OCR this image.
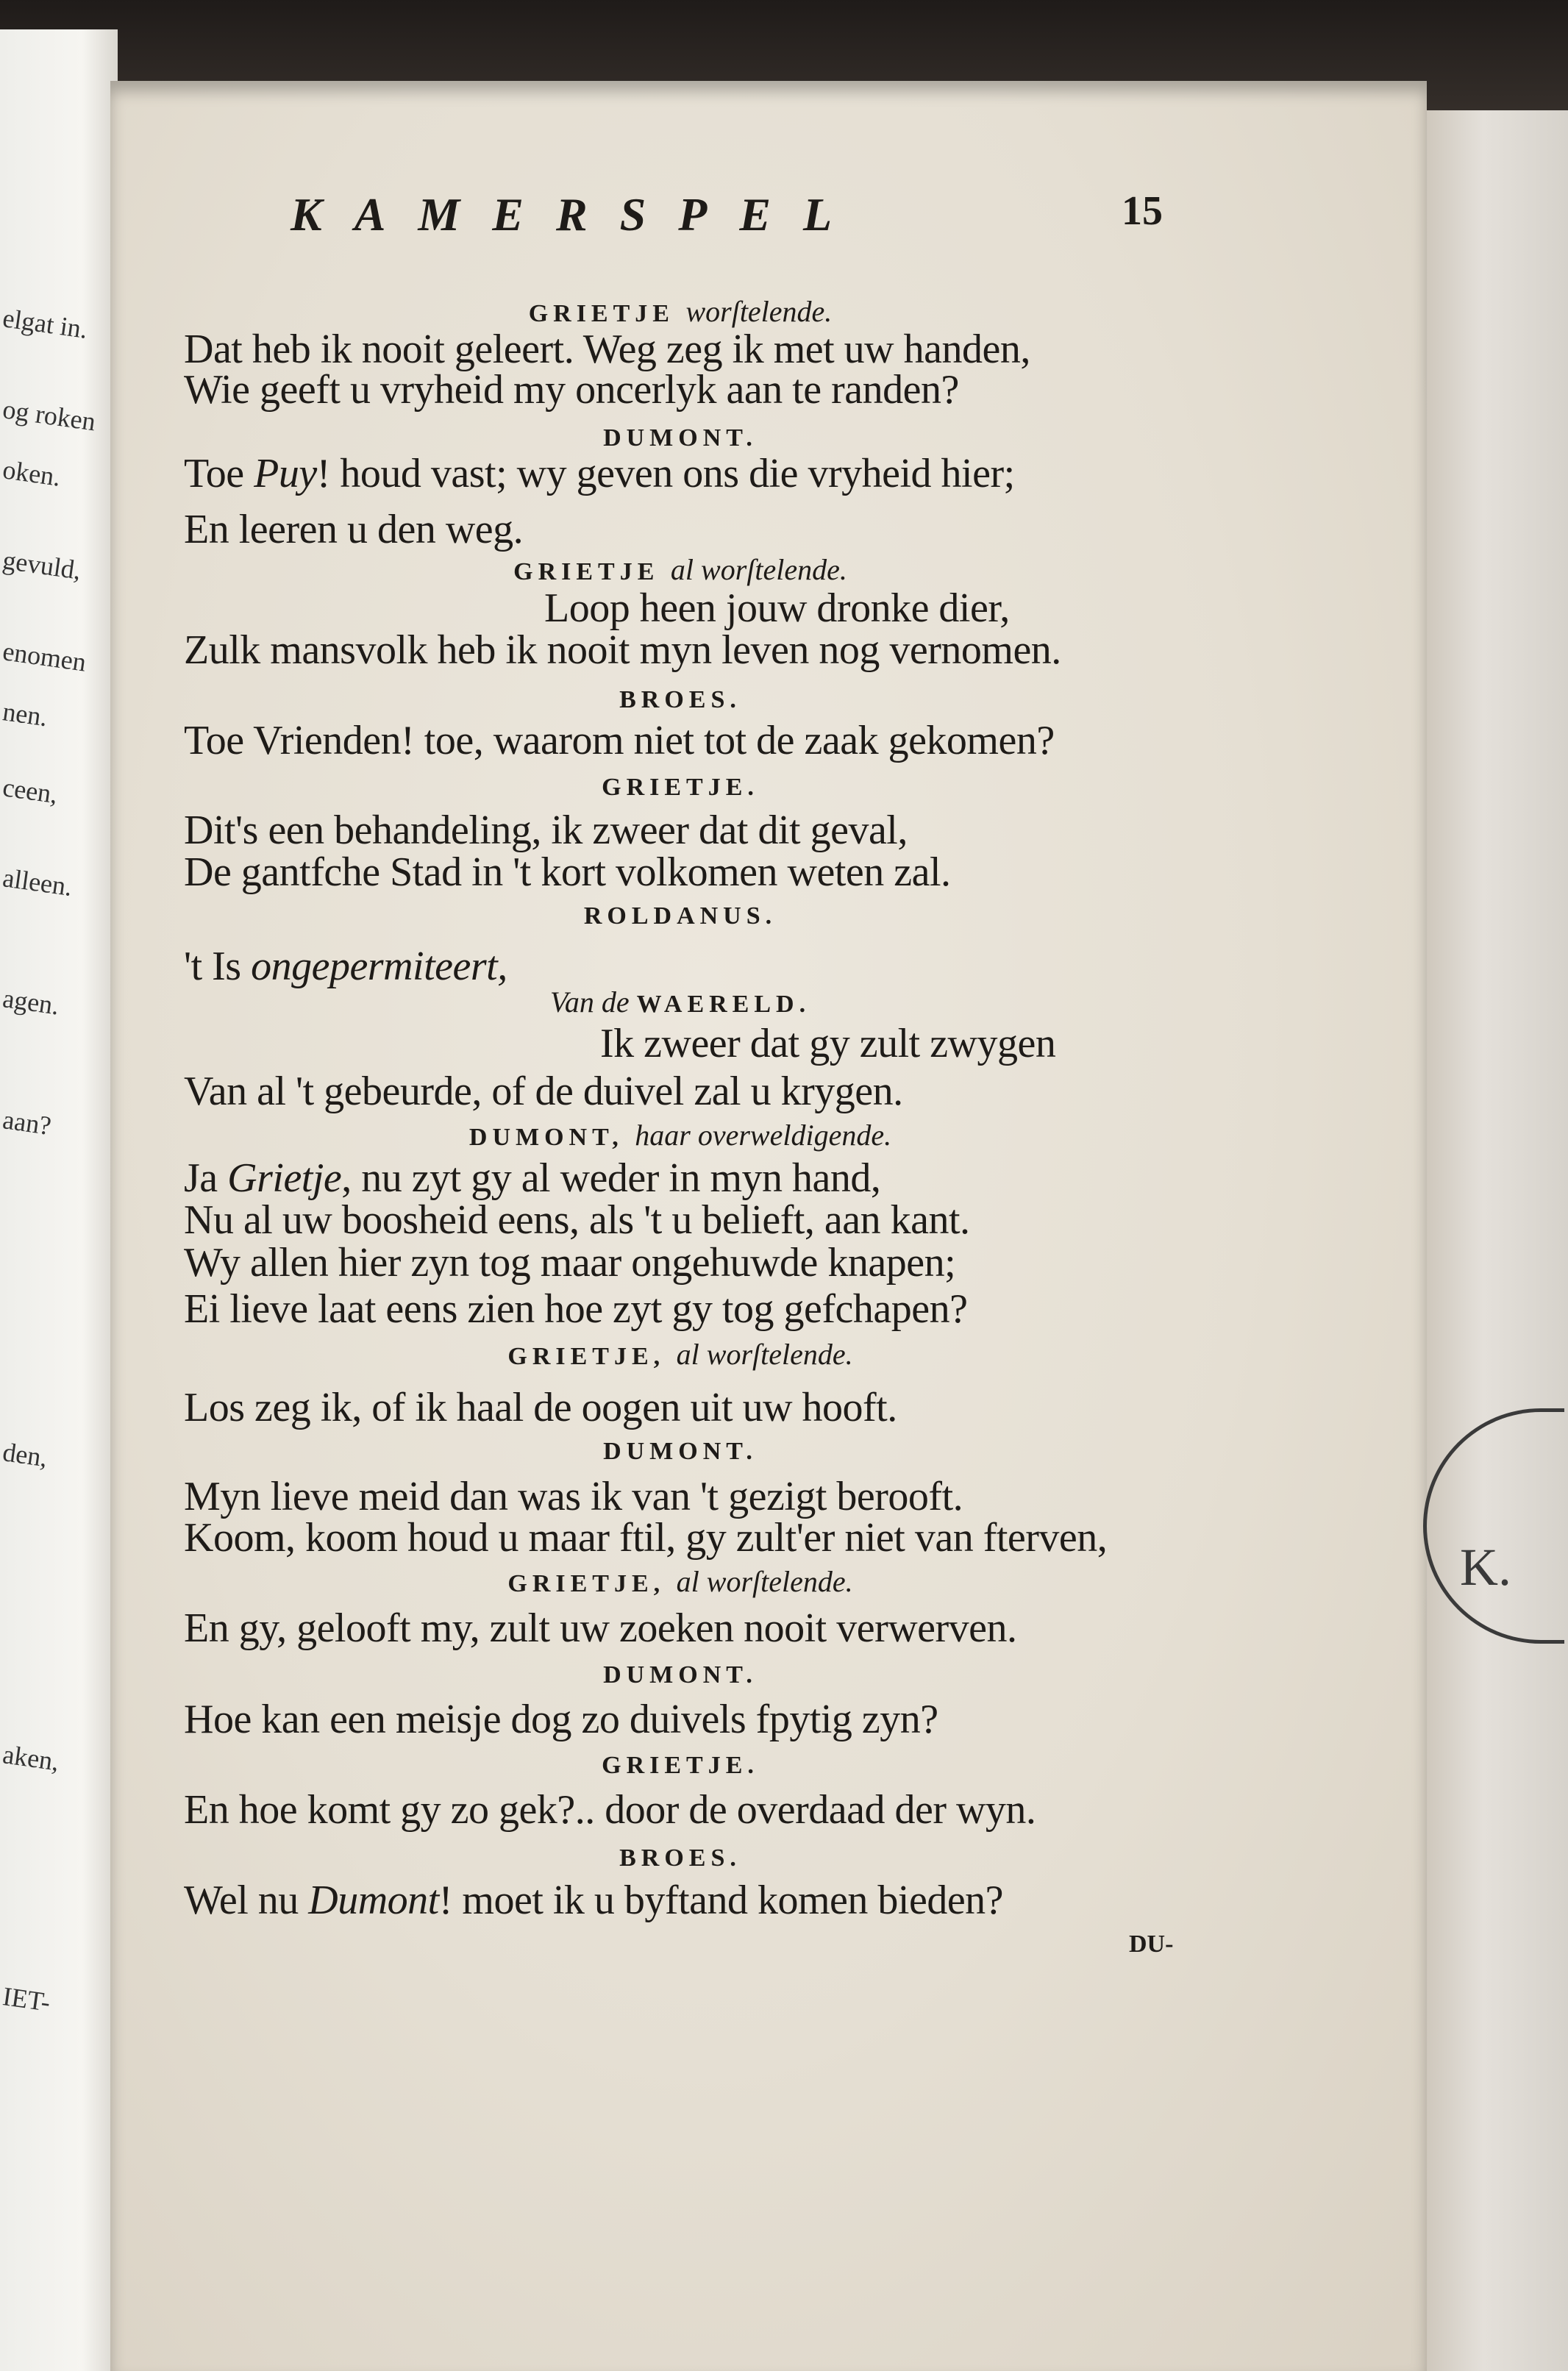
elgat in.
og roken
oken.
gevuld,
enomen
nen.
ceen,
alleen.
agen.
aan?
den,
aken,
IET-
K.
KAMERSPEL	15
GRIETJE worſtelende.
Dat heb ik nooit geleert. Weg zeg ik met uw handen,
Wie geeft u vryheid my oncerlyk aan te randen?
DUMONT.
Toe Puy! houd vast; wy geven ons die vryheid hier;
En leeren u den weg.
GRIETJE al worſtelende.
Loop heen jouw dronke dier,
Zulk mansvolk heb ik nooit myn leven nog vernomen.
BROES.
Toe Vrienden! toe, waarom niet tot de zaak gekomen?
GRIETJE.
Dit's een behandeling, ik zweer dat dit geval,
De gantfche Stad in 't kort volkomen weten zal.
ROLDANUS.
't Is ongepermiteert,
Van de WAERELD.
Ik zweer dat gy zult zwygen
Van al 't gebeurde, of de duivel zal u krygen.
DUMONT, haar overweldigende.
Ja Grietje, nu zyt gy al weder in myn hand,
Nu al uw boosheid eens, als 't u belieft, aan kant.
Wy allen hier zyn tog maar ongehuwde knapen;
Ei lieve laat eens zien hoe zyt gy tog gefchapen?
GRIETJE, al worſtelende.
Los zeg ik, of ik haal de oogen uit uw hooft.
DUMONT.
Myn lieve meid dan was ik van 't gezigt berooft.
Koom, koom houd u maar ftil, gy zult'er niet van fterven,
GRIETJE, al worſtelende.
En gy, gelooft my, zult uw zoeken nooit verwerven.
DUMONT.
Hoe kan een meisje dog zo duivels fpytig zyn?
GRIETJE.
En hoe komt gy zo gek?.. door de overdaad der wyn.
BROES.
Wel nu Dumont! moet ik u byftand komen bieden?
DU-
